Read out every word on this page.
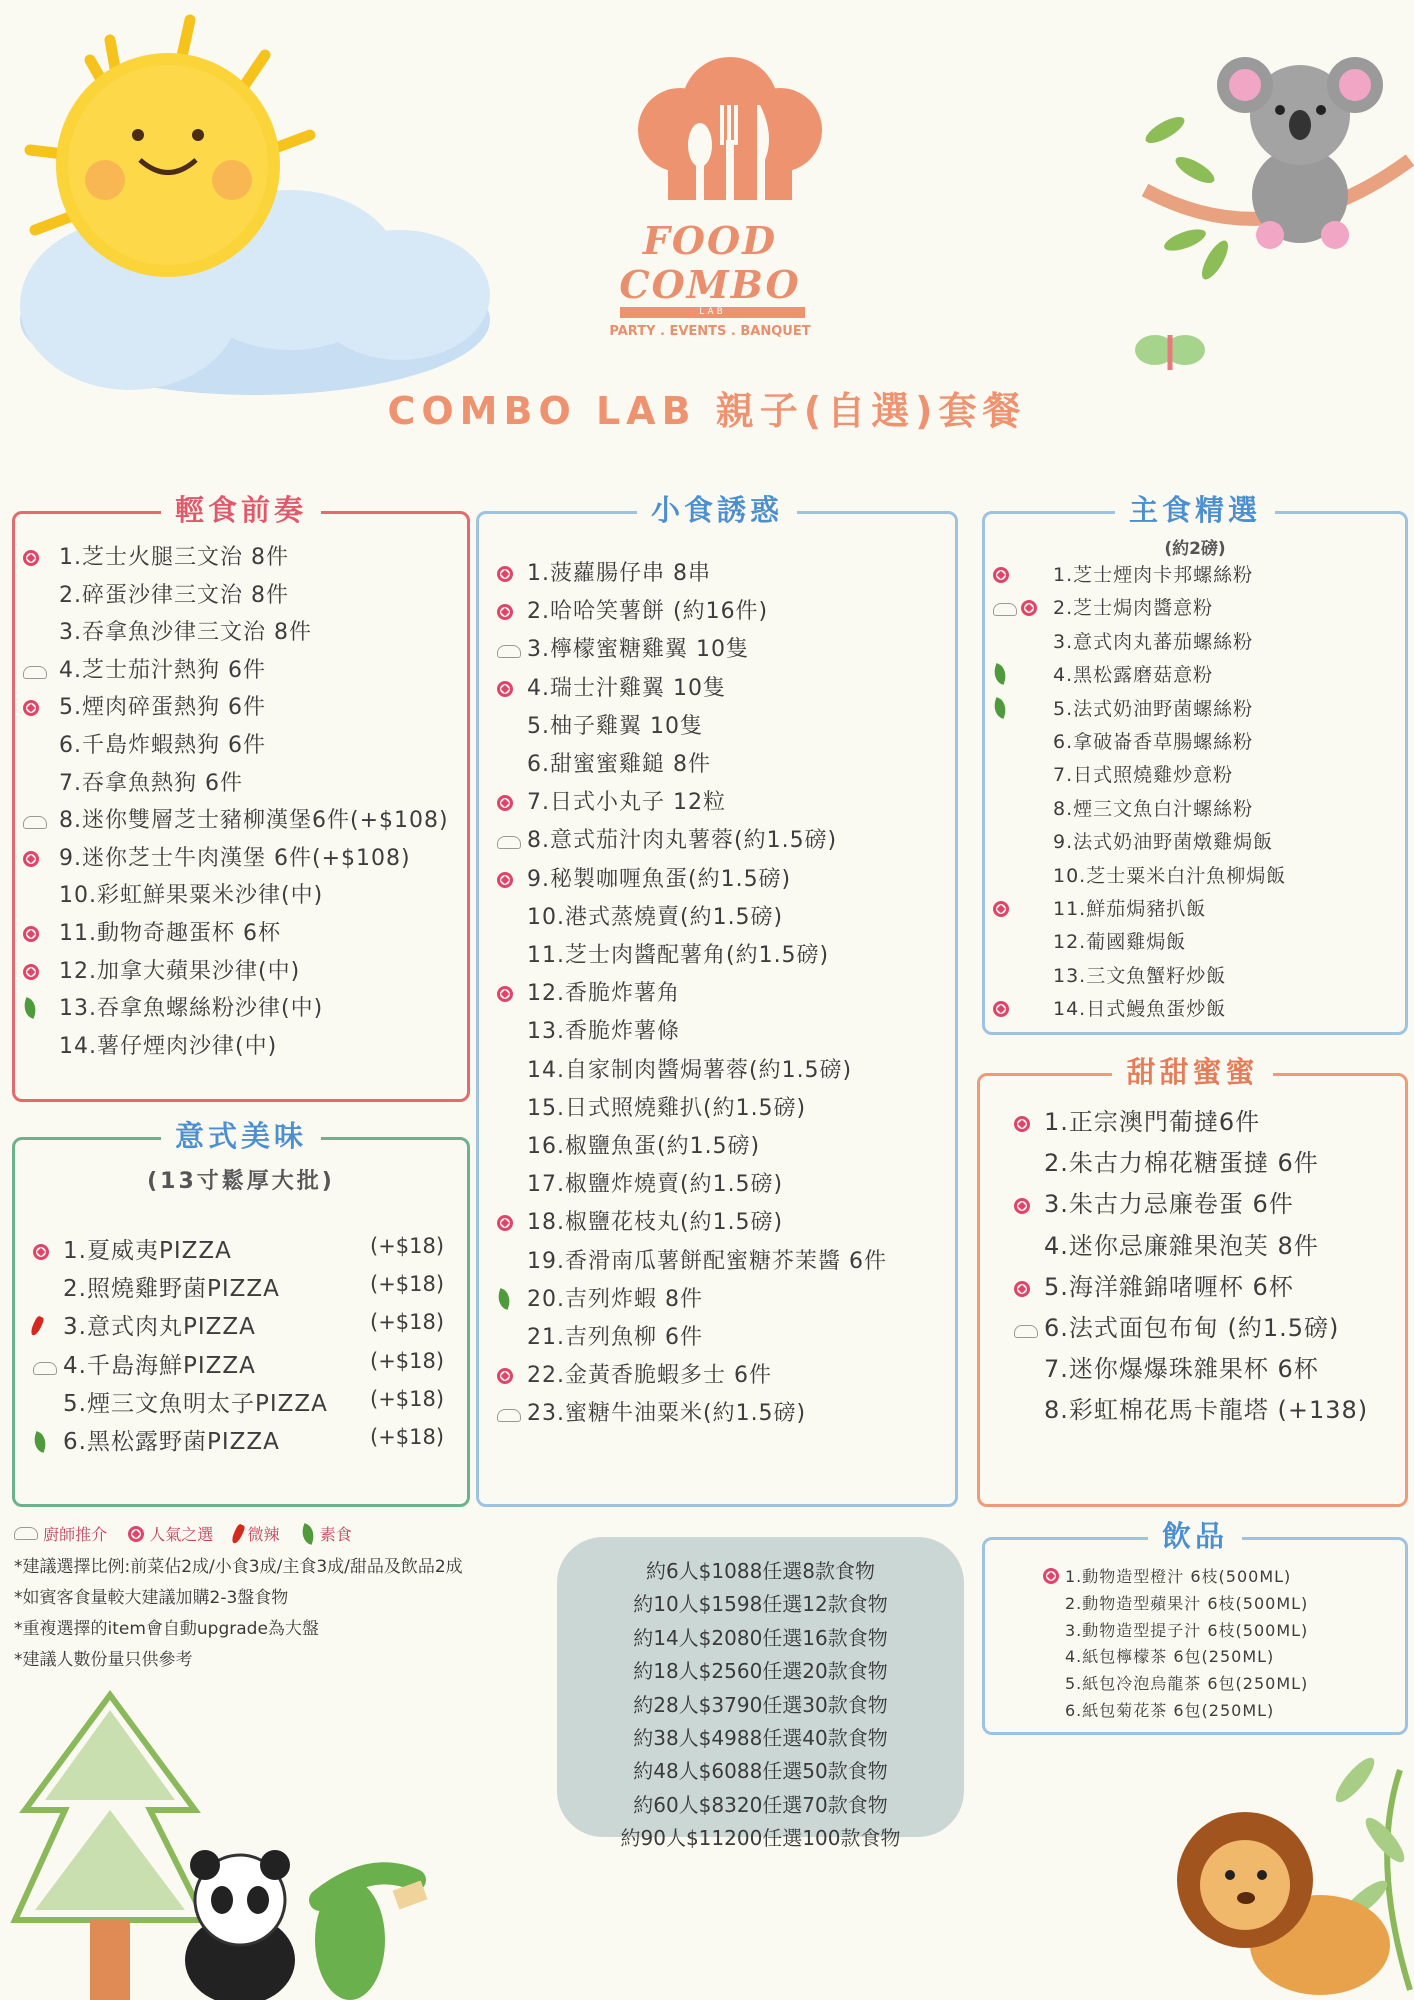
FOOD
COMBO
LAB
PARTY . EVENTS . BANQUET
COMBO LAB 親子(自選)套餐
輕食前奏
1.芝士火腿三文治 8件
2.碎蛋沙律三文治 8件
3.吞拿魚沙律三文治 8件
4.芝士茄汁熱狗 6件
5.煙肉碎蛋熱狗 6件
6.千島炸蝦熱狗 6件
7.吞拿魚熱狗 6件
8.迷你雙層芝士豬柳漢堡6件(+$108)
9.迷你芝士牛肉漢堡 6件(+$108)
10.彩虹鮮果粟米沙律(中)
11.動物奇趣蛋杯 6杯
12.加拿大蘋果沙律(中)
13.吞拿魚螺絲粉沙律(中)
14.薯仔煙肉沙律(中)
意式美味
(13寸鬆厚大批)
1.夏威夷PIZZA	(+$18)
2.照燒雞野菌PIZZA	(+$18)
3.意式肉丸PIZZA	(+$18)
4.千島海鮮PIZZA	(+$18)
5.煙三文魚明太子PIZZA (+$18)
6.黑松露野菌PIZZA	(+$18)
小食誘惑
1.菠蘿腸仔串 8串
2.哈哈笑薯餅 (約16件)
3.檸檬蜜糖雞翼 10隻
4.瑞士汁雞翼 10隻
5.柚子雞翼 10隻
6.甜蜜蜜雞鎚 8件
7.日式小丸子 12粒
8.意式茄汁肉丸薯蓉(約1.5磅)
9.秘製咖喱魚蛋(約1.5磅)
10.港式蒸燒賣(約1.5磅)
11.芝士肉醬配薯角(約1.5磅)
12.香脆炸薯角
13.香脆炸薯條
14.自家制肉醬焗薯蓉(約1.5磅)
15.日式照燒雞扒(約1.5磅)
16.椒鹽魚蛋(約1.5磅)
17.椒鹽炸燒賣(約1.5磅)
18.椒鹽花枝丸(約1.5磅)
19.香滑南瓜薯餅配蜜糖芥茉醬 6件
20.吉列炸蝦 8件
21.吉列魚柳 6件
22.金黃香脆蝦多士 6件
23.蜜糖牛油粟米(約1.5磅)
主食精選
(約2磅)
1.芝士煙肉卡邦螺絲粉
2.芝士焗肉醬意粉
3.意式肉丸蕃茄螺絲粉
4.黑松露磨菇意粉
5.法式奶油野菌螺絲粉
6.拿破崙香草腸螺絲粉
7.日式照燒雞炒意粉
8.煙三文魚白汁螺絲粉
9.法式奶油野菌燉雞焗飯
10.芝士粟米白汁魚柳焗飯
11.鮮茄焗豬扒飯
12.葡國雞焗飯
13.三文魚蟹籽炒飯
14.日式鰻魚蛋炒飯
甜甜蜜蜜
1.正宗澳門葡撻6件
2.朱古力棉花糖蛋撻 6件
3.朱古力忌廉卷蛋 6件
4.迷你忌廉雜果泡芙 8件
5.海洋雜錦啫喱杯 6杯
6.法式面包布甸 (約1.5磅)
7.迷你爆爆珠雜果杯 6杯
8.彩虹棉花馬卡龍塔 (+138)
飲品
1.動物造型橙汁 6枝(500ML)
2.動物造型蘋果汁 6枝(500ML)
3.動物造型提子汁 6枝(500ML)
4.紙包檸檬茶 6包(250ML)
5.紙包冷泡烏龍茶 6包(250ML)
6.紙包菊花茶 6包(250ML)
廚師推介	人氣之選 微辣	素食
*建議選擇比例:前菜佔2成/小食3成/主食3成/甜品及飲品2成
*如賓客食量較大建議加購2-3盤食物
*重複選擇的item會自動upgrade為大盤
*建議人數份量只供參考
約6人$1088任選8款食物
約10人$1598任選12款食物
約14人$2080任選16款食物
約18人$2560任選20款食物
約28人$3790任選30款食物
約38人$4988任選40款食物
約48人$6088任選50款食物
約60人$8320任選70款食物
約90人$11200任選100款食物
